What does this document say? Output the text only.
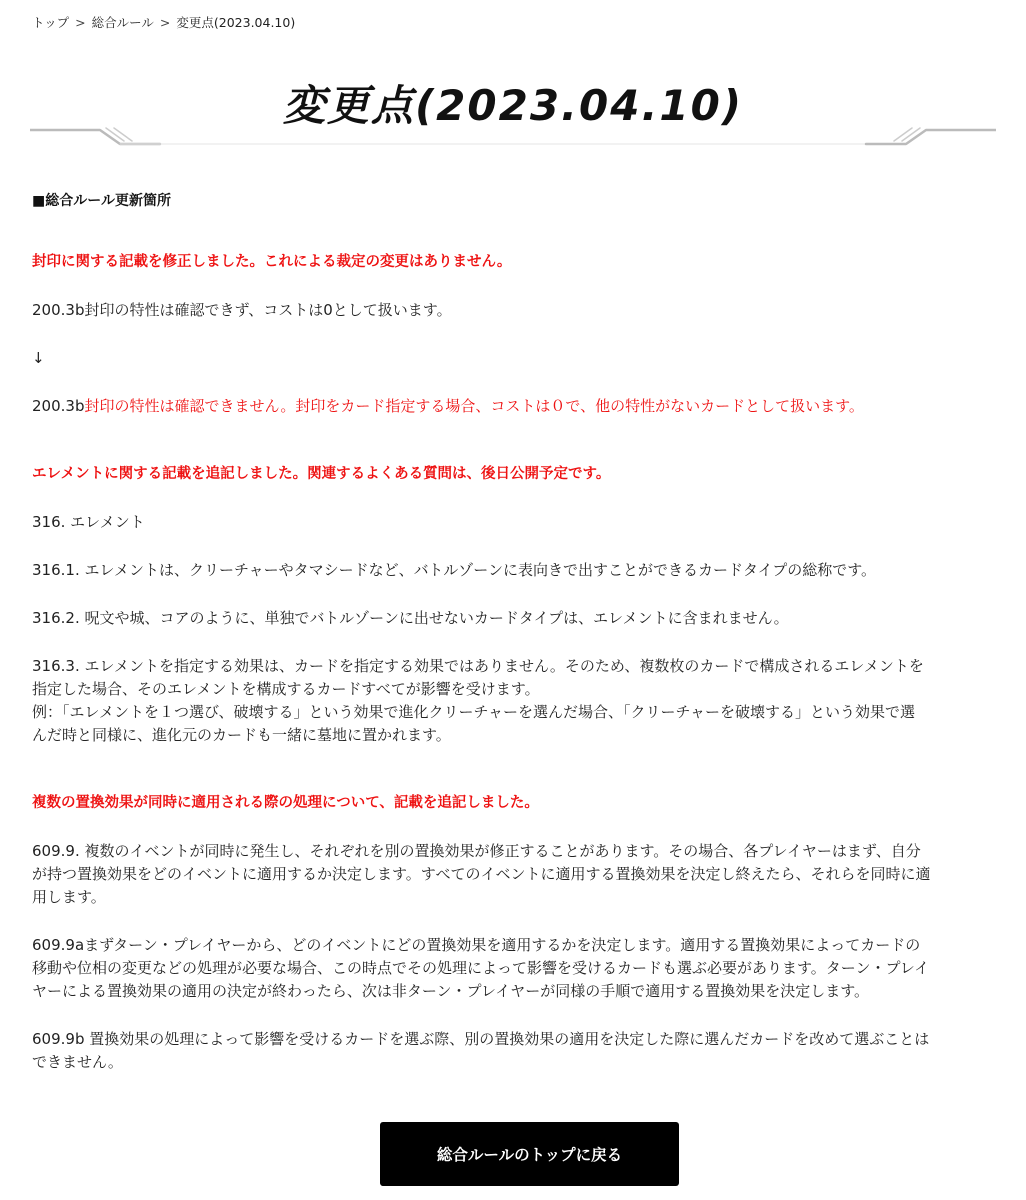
トップ > 総合ルール > 変更点(2023.04.10)
変更点(2023.04.10)

■総合ルール更新箇所

封印に関する記載を修正しました。これによる裁定の変更はありません。

200.3b封印の特性は確認できず、コストは0として扱います。

↓

200.3b封印の特性は確認できません。封印をカード指定する場合、コストは０で、他の特性がないカードとして扱います。

エレメントに関する記載を追記しました。関連するよくある質問は、後日公開予定です。

316. エレメント

316.1. エレメントは、クリーチャーやタマシードなど、バトルゾーンに表向きで出すことができるカードタイプの総称です。

316.2. 呪文や城、コアのように、単独でバトルゾーンに出せないカードタイプは、エレメントに含まれません。

316.3. エレメントを指定する効果は、カードを指定する効果ではありません。そのため、複数枚のカードで構成されるエレメントを

指定した場合、そのエレメントを構成するカードすべてが影響を受けます。

例：「エレメントを１つ選び、破壊する」という効果で進化クリーチャーを選んだ場合、「クリーチャーを破壊する」という効果で選

んだ時と同様に、進化元のカードも一緒に墓地に置かれます。

複数の置換効果が同時に適用される際の処理について、記載を追記しました。

609.9. 複数のイベントが同時に発生し、それぞれを別の置換効果が修正することがあります。その場合、各プレイヤーはまず、自分

が持つ置換効果をどのイベントに適用するか決定します。すべてのイベントに適用する置換効果を決定し終えたら、それらを同時に適

用します。

609.9aまずターン・プレイヤーから、どのイベントにどの置換効果を適用するかを決定します。適用する置換効果によってカードの

移動や位相の変更などの処理が必要な場合、この時点でその処理によって影響を受けるカードも選ぶ必要があります。ターン・プレイ

ヤーによる置換効果の適用の決定が終わったら、次は非ターン・プレイヤーが同様の手順で適用する置換効果を決定します。

609.9b 置換効果の処理によって影響を受けるカードを選ぶ際、別の置換効果の適用を決定した際に選んだカードを改めて選ぶことは

できません。

総合ルールのトップに戻る
